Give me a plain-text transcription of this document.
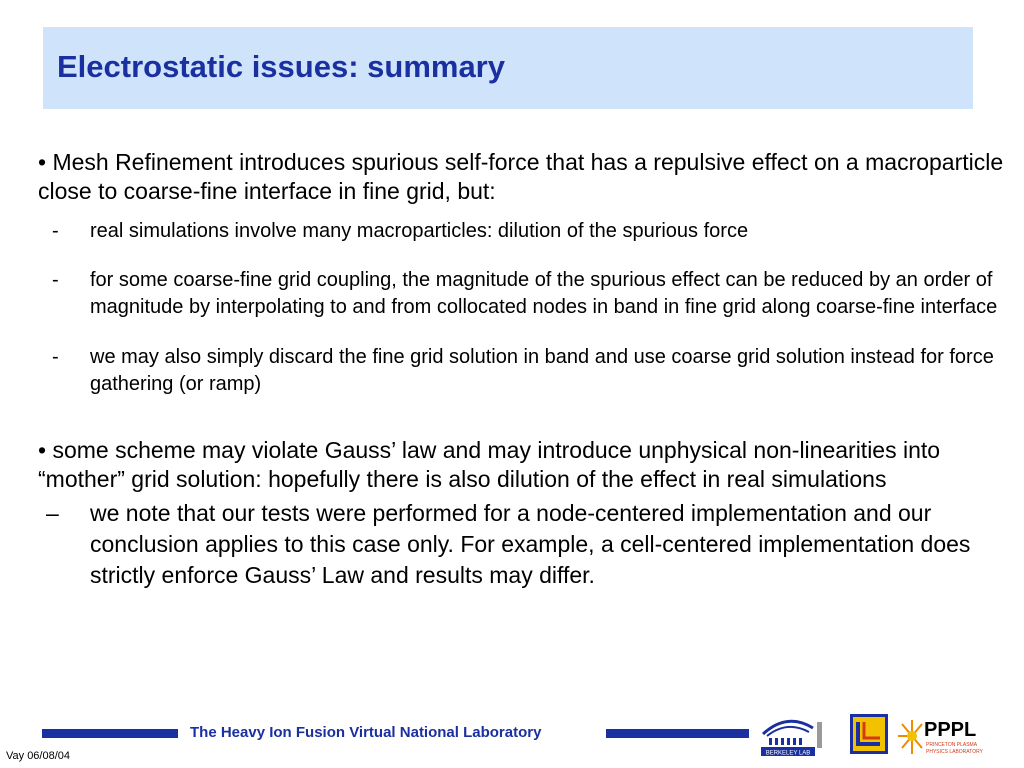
Electrostatic issues: summary

• Mesh Refinement introduces spurious self-force that has a repulsive effect on a macroparticle close to coarse-fine interface in fine grid, but:

- real simulations involve many macroparticles: dilution of the spurious force
- for some coarse-fine grid coupling, the magnitude of the spurious effect can be reduced by an order of magnitude by interpolating to and from collocated nodes in band in fine grid along coarse-fine interface
- we may also simply discard the fine grid solution in band and use coarse grid solution instead for force gathering (or ramp)

• some scheme may violate Gauss’ law and may introduce unphysical non-linearities into “mother” grid solution: hopefully there is also dilution of the effect in real simulations

– we note that our tests were performed for a node-centered implementation and our conclusion applies to this case only. For example, a cell-centered implementation does strictly enforce Gauss’ Law and results may differ.
The Heavy Ion Fusion Virtual National Laboratory
Vay 06/08/04	BERKELEY LAB
PPPL
PRINCETON PLASMA
PHYSICS LABORATORY
